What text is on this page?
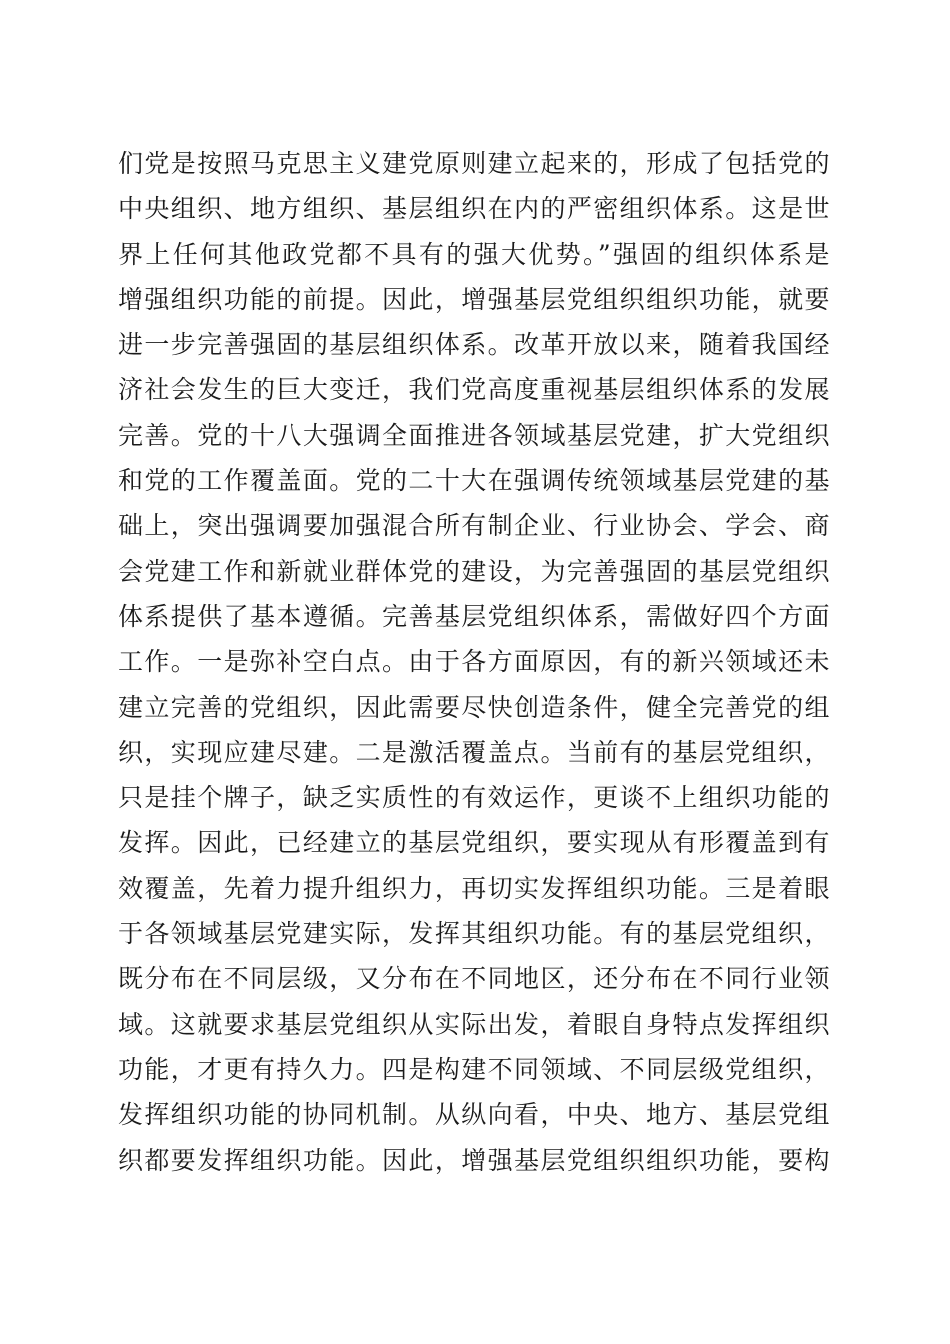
们党是按照马克思主义建党原则建立起来的，形成了包括党的
中央组织、地方组织、基层组织在内的严密组织体系。这是世
界上任何其他政党都不具有的强大优势。”强固的组织体系是
增强组织功能的前提。因此，增强基层党组织组织功能，就要
进一步完善强固的基层组织体系。改革开放以来，随着我国经
济社会发生的巨大变迁，我们党高度重视基层组织体系的发展
完善。党的十八大强调全面推进各领域基层党建，扩大党组织
和党的工作覆盖面。党的二十大在强调传统领域基层党建的基
础上，突出强调要加强混合所有制企业、行业协会、学会、商
会党建工作和新就业群体党的建设，为完善强固的基层党组织
体系提供了基本遵循。完善基层党组织体系，需做好四个方面
工作。一是弥补空白点。由于各方面原因，有的新兴领域还未
建立完善的党组织，因此需要尽快创造条件，健全完善党的组
织，实现应建尽建。二是激活覆盖点。当前有的基层党组织，
只是挂个牌子，缺乏实质性的有效运作，更谈不上组织功能的
发挥。因此，已经建立的基层党组织，要实现从有形覆盖到有
效覆盖，先着力提升组织力，再切实发挥组织功能。三是着眼
于各领域基层党建实际，发挥其组织功能。有的基层党组织，
既分布在不同层级，又分布在不同地区，还分布在不同行业领
域。这就要求基层党组织从实际出发，着眼自身特点发挥组织
功能，才更有持久力。四是构建不同领域、不同层级党组织，
发挥组织功能的协同机制。从纵向看，中央、地方、基层党组
织都要发挥组织功能。因此，增强基层党组织组织功能，要构
